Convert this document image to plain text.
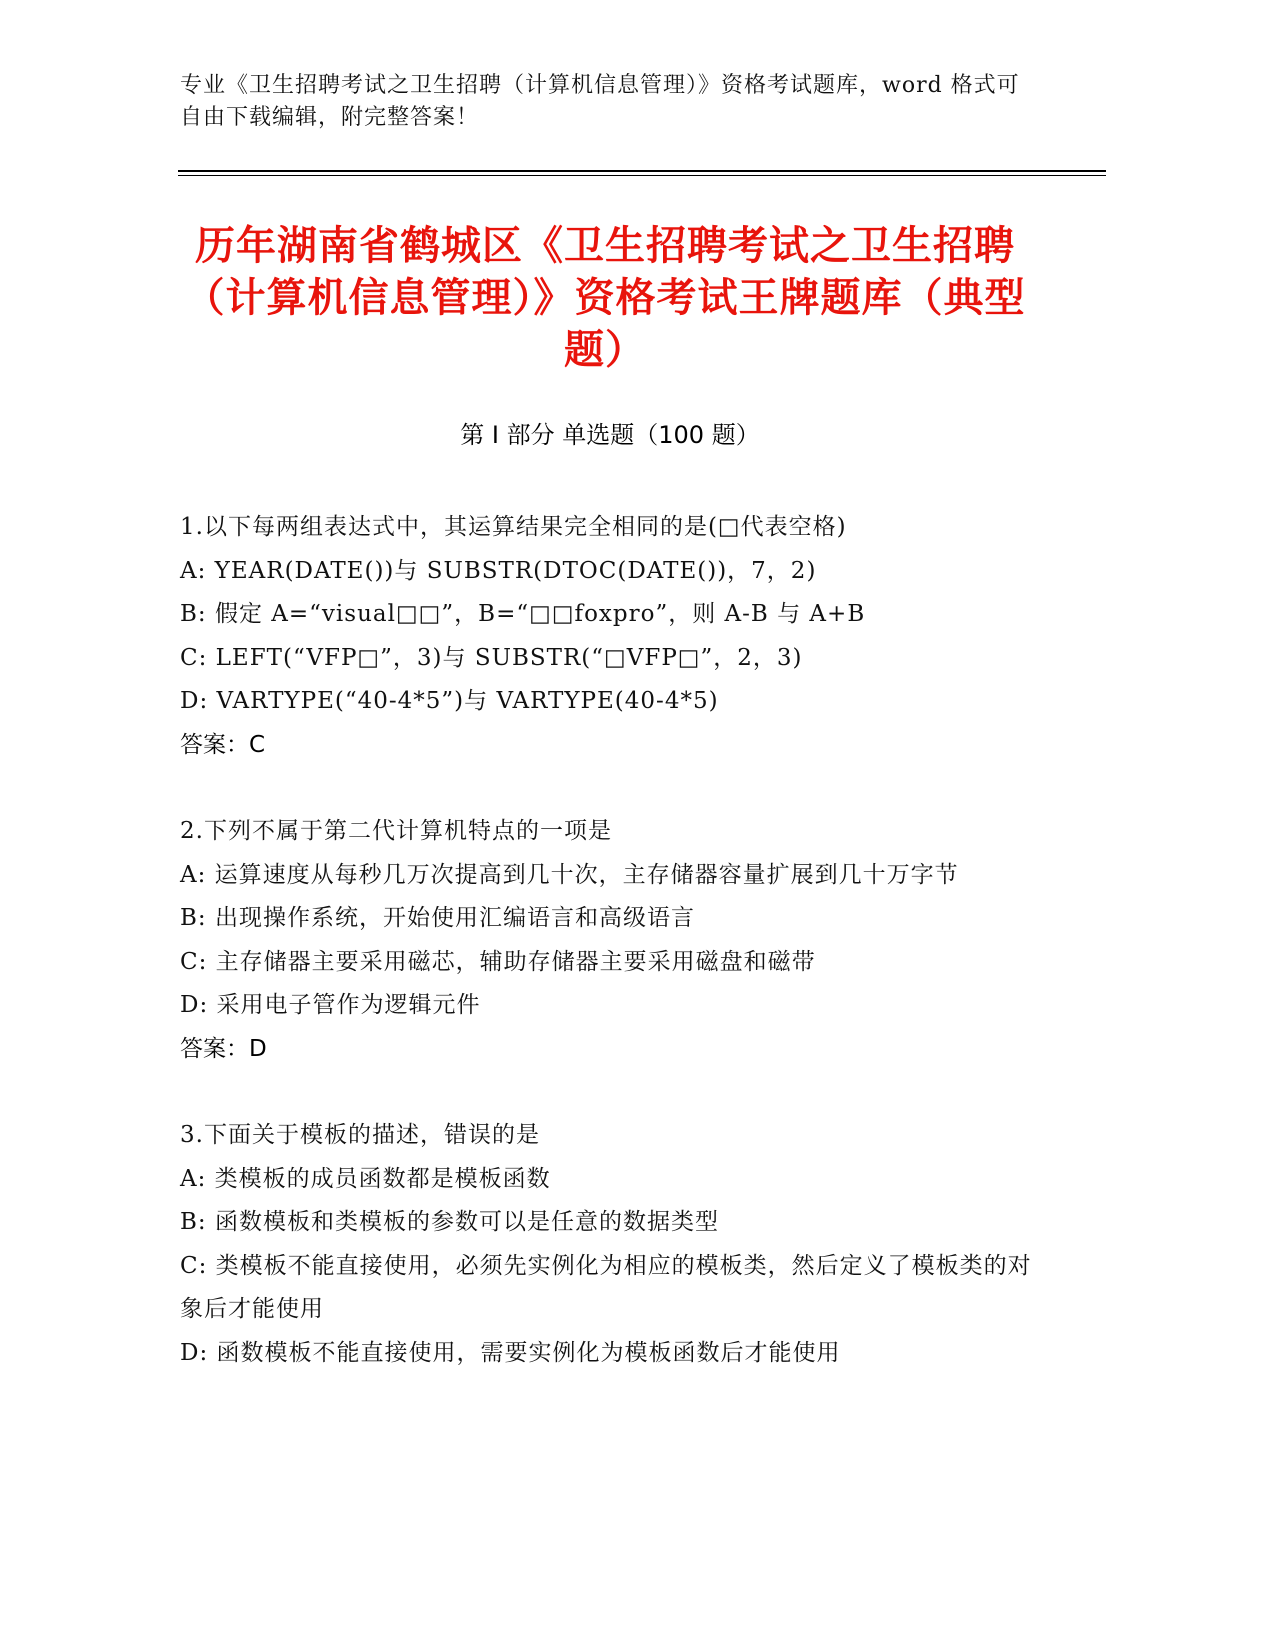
专业《卫生招聘考试之卫生招聘（计算机信息管理）》资格考试题库，word 格式可自由下载编辑，附完整答案！
历年湖南省鹤城区《卫生招聘考试之卫生招聘（计算机信息管理）》资格考试王牌题库（典型题）
第 I 部分 单选题（100 题）

1.以下每两组表达式中，其运算结果完全相同的是(□代表空格)

A: YEAR(DATE())与 SUBSTR(DTOC(DATE())，7，2)

B: 假定 A=“visual□□”，B=“□□foxpro”，则 A-B 与 A+B

C: LEFT(“VFP□”，3)与 SUBSTR(“□VFP□”，2，3)

D: VARTYPE(“40-4*5”)与 VARTYPE(40-4*5)

答案：C

2.下列不属于第二代计算机特点的一项是

A: 运算速度从每秒几万次提高到几十次，主存储器容量扩展到几十万字节

B: 出现操作系统，开始使用汇编语言和高级语言

C: 主存储器主要采用磁芯，辅助存储器主要采用磁盘和磁带

D: 采用电子管作为逻辑元件

答案：D

3.下面关于模板的描述，错误的是

A: 类模板的成员函数都是模板函数

B: 函数模板和类模板的参数可以是任意的数据类型

C: 类模板不能直接使用，必须先实例化为相应的模板类，然后定义了模板类的对象后才能使用

D: 函数模板不能直接使用，需要实例化为模板函数后才能使用
